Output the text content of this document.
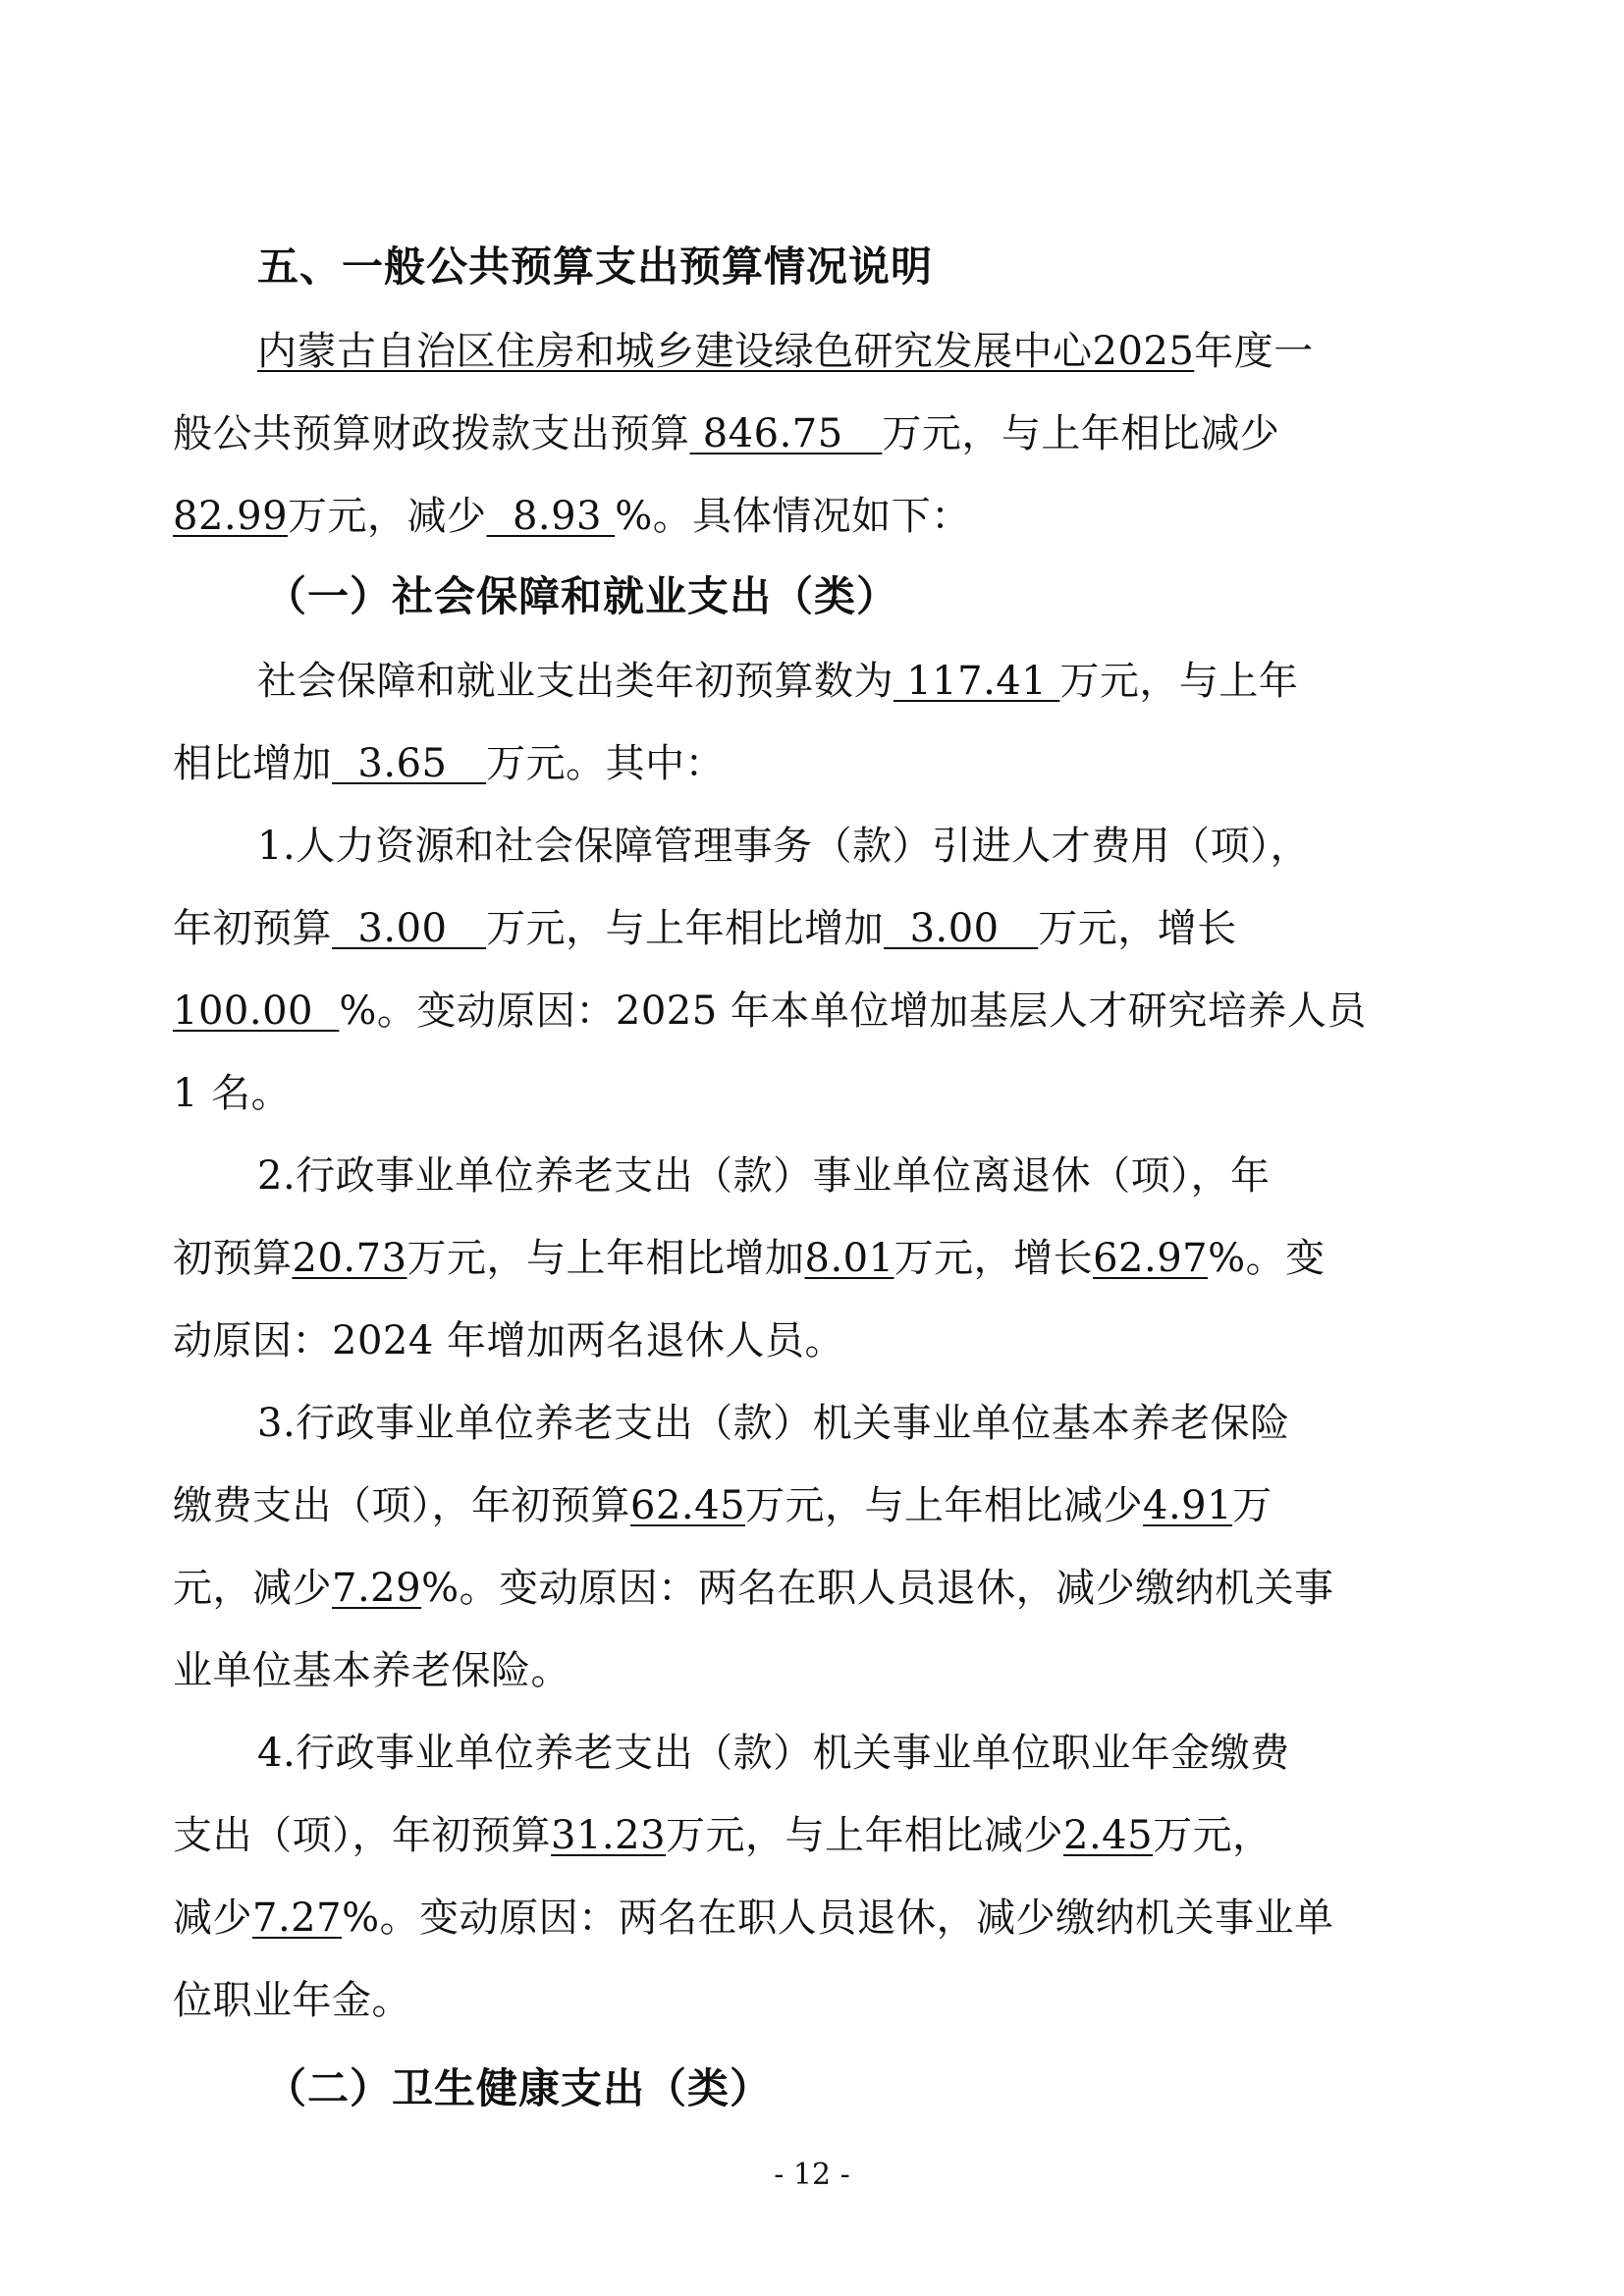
五、一般公共预算支出预算情况说明
内蒙古自治区住房和城乡建设绿色研究发展中心2025年度一
般公共预算财政拨款支出预算 846.75   万元，与上年相比减少
82.99万元，减少  8.93 %。具体情况如下：
（一）社会保障和就业支出（类）
社会保障和就业支出类年初预算数为 117.41 万元，与上年
相比增加  3.65   万元。其中：
1.人力资源和社会保障管理事务（款）引进人才费用（项），
年初预算  3.00   万元，与上年相比增加  3.00   万元，增长
100.00  %。变动原因：2025 年本单位增加基层人才研究培养人员
1 名。
2.行政事业单位养老支出（款）事业单位离退休（项），年
初预算20.73万元，与上年相比增加8.01万元，增长62.97%。变
动原因：2024 年增加两名退休人员。
3.行政事业单位养老支出（款）机关事业单位基本养老保险
缴费支出（项），年初预算62.45万元，与上年相比减少4.91万
元，减少7.29%。变动原因：两名在职人员退休，减少缴纳机关事
业单位基本养老保险。
4.行政事业单位养老支出（款）机关事业单位职业年金缴费
支出（项），年初预算31.23万元，与上年相比减少2.45万元，
减少7.27%。变动原因：两名在职人员退休，减少缴纳机关事业单
位职业年金。
（二）卫生健康支出（类）
- 12 -
